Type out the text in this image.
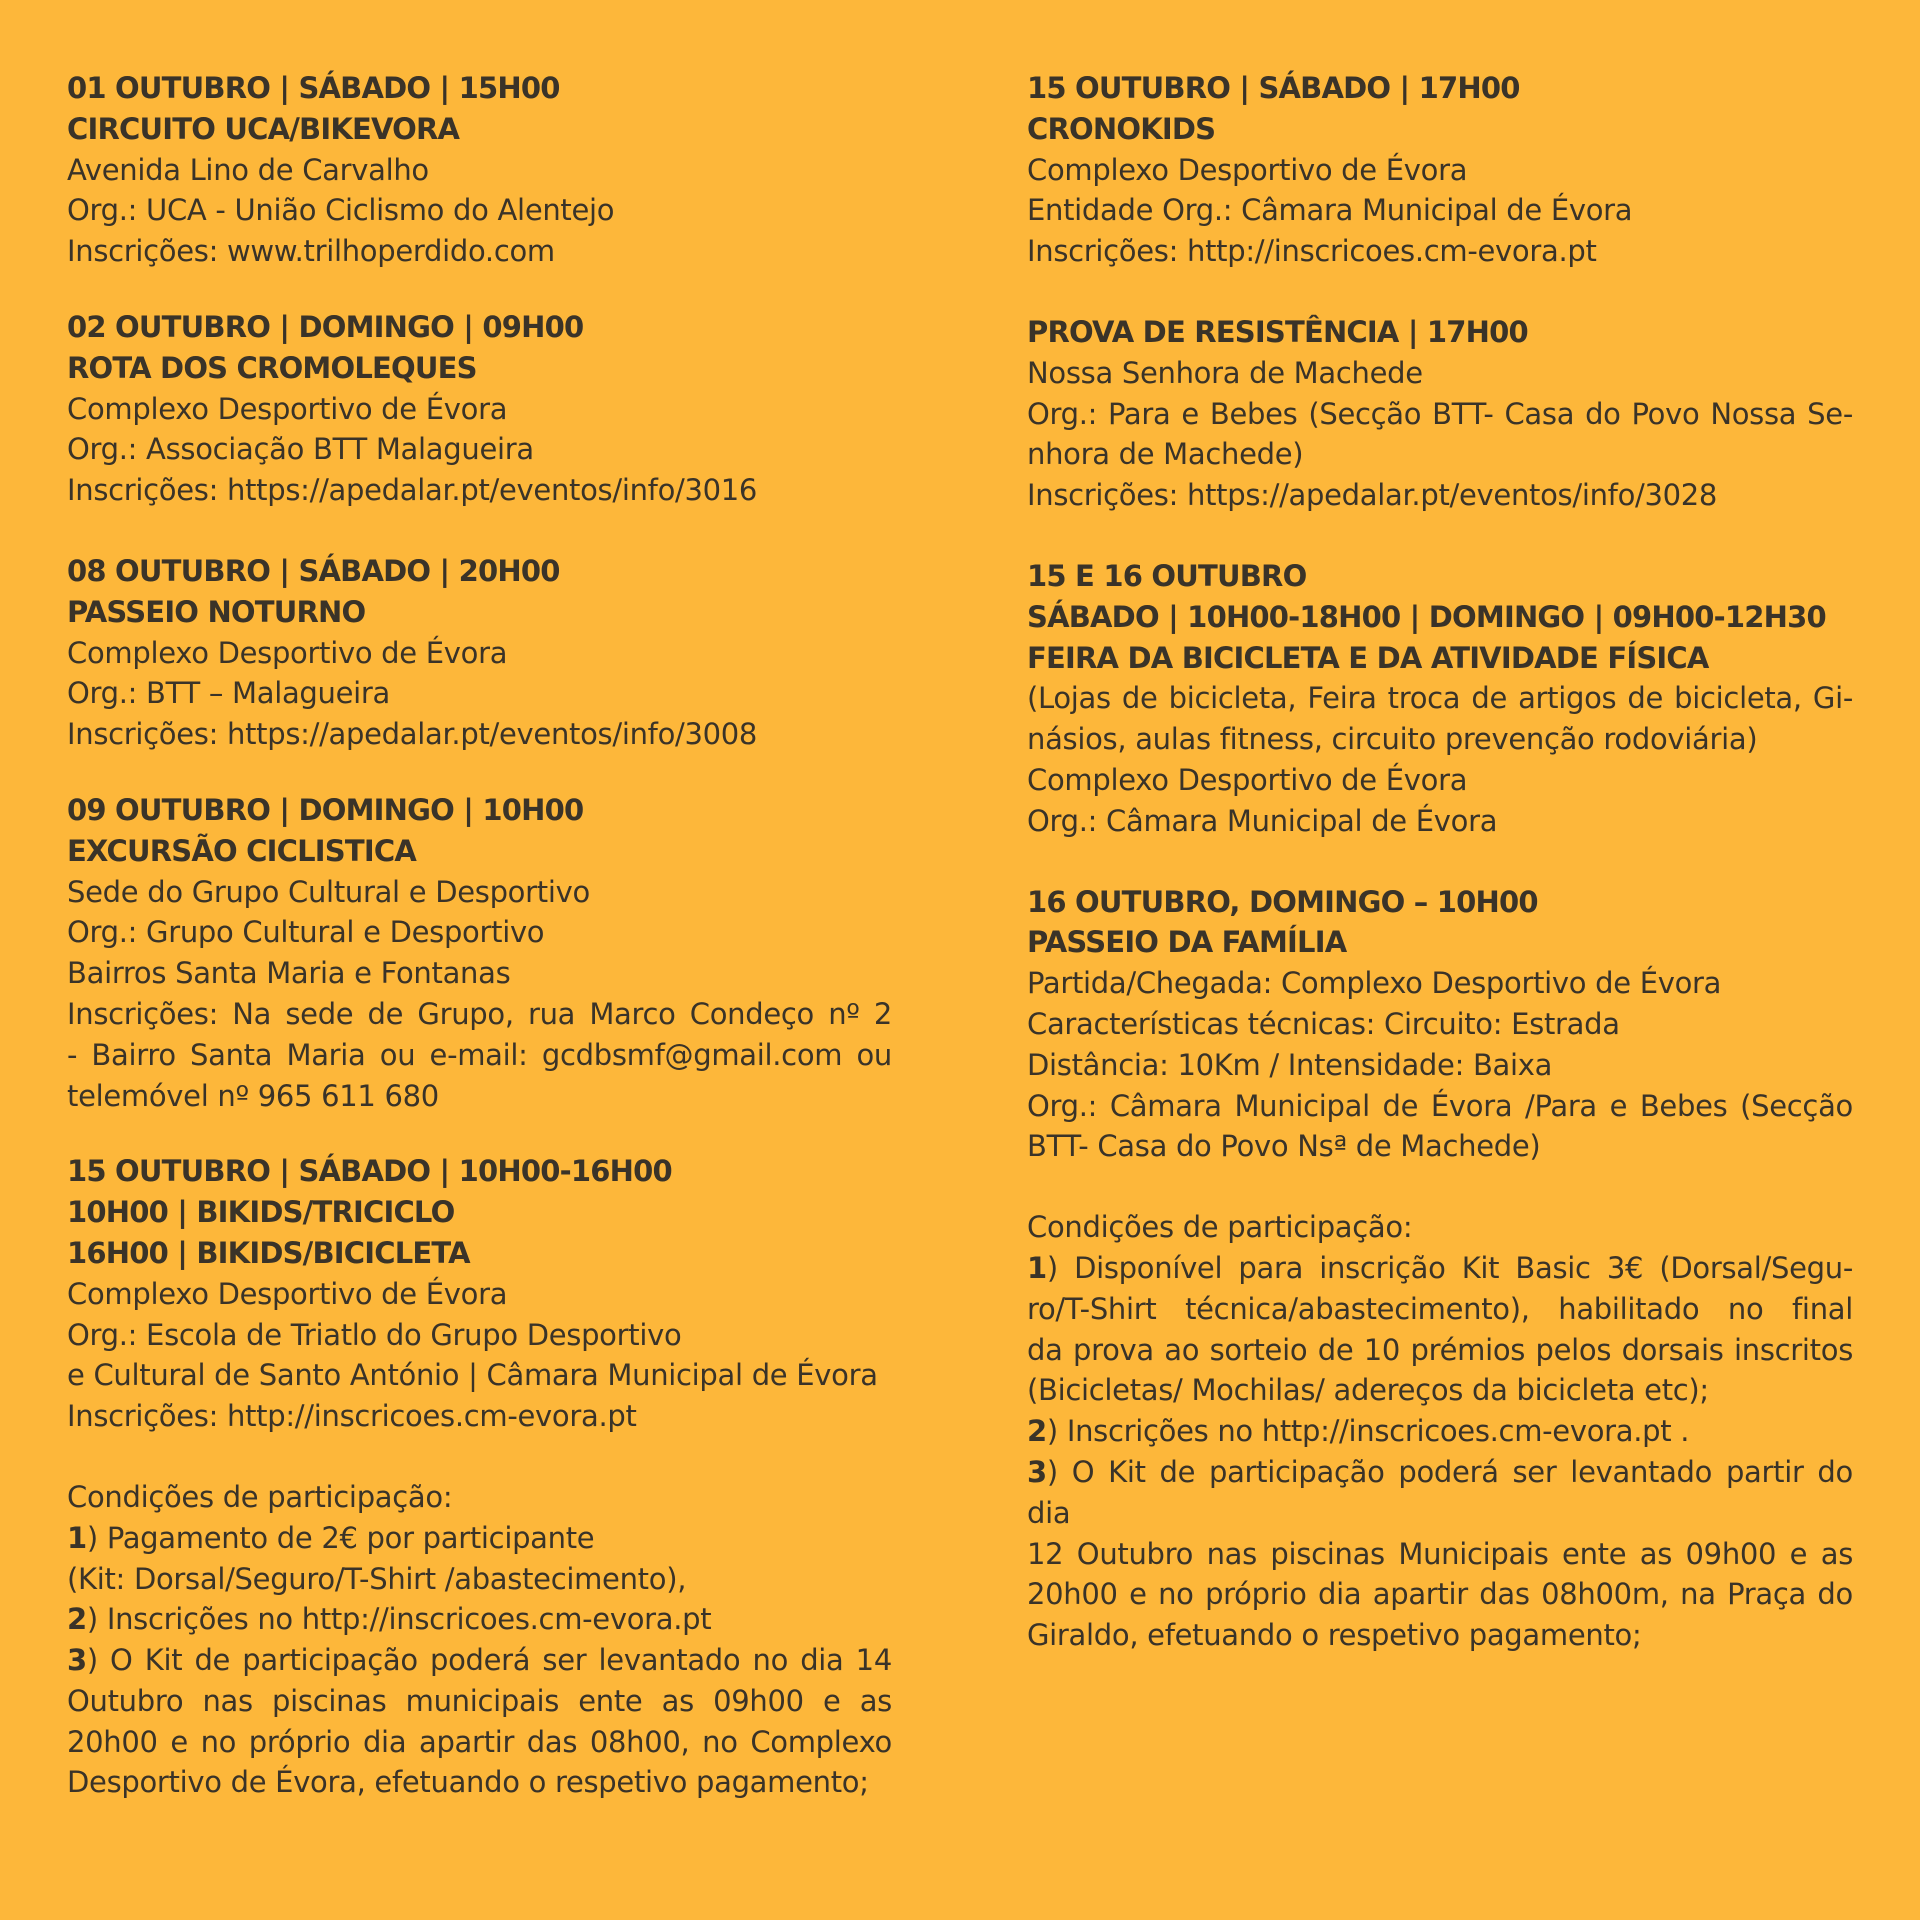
01 OUTUBRO | SÁBADO | 15H00
CIRCUITO UCA/BIKEVORA
Avenida Lino de Carvalho
Org.: UCA - União Ciclismo do Alentejo
Inscrições: www.trilhoperdido.com
02 OUTUBRO | DOMINGO | 09H00
ROTA DOS CROMOLEQUES
Complexo Desportivo de Évora
Org.: Associação BTT Malagueira
Inscrições: https://apedalar.pt/eventos/info/3016
08 OUTUBRO | SÁBADO | 20H00
PASSEIO NOTURNO
Complexo Desportivo de Évora
Org.: BTT – Malagueira
Inscrições: https://apedalar.pt/eventos/info/3008
09 OUTUBRO | DOMINGO | 10H00
EXCURSÃO CICLISTICA
Sede do Grupo Cultural e Desportivo
Org.: Grupo Cultural e Desportivo
Bairros Santa Maria e Fontanas
Inscrições: Na sede de Grupo, rua Marco Condeço nº 2
- Bairro Santa Maria ou e-mail: gcdbsmf@gmail.com ou
telemóvel nº 965 611 680
15 OUTUBRO | SÁBADO | 10H00-16H00
10H00 | BIKIDS/TRICICLO
16H00 | BIKIDS/BICICLETA
Complexo Desportivo de Évora
Org.: Escola de Triatlo do Grupo Desportivo
e Cultural de Santo António | Câmara Municipal de Évora
Inscrições: http://inscricoes.cm-evora.pt
Condições de participação:
1) Pagamento de 2€ por participante
(Kit: Dorsal/Seguro/T-Shirt /abastecimento),
2) Inscrições no http://inscricoes.cm-evora.pt
3) O Kit de participação poderá ser levantado no dia 14
Outubro nas piscinas municipais ente as 09h00 e as
20h00 e no próprio dia apartir das 08h00, no Complexo
Desportivo de Évora, efetuando o respetivo pagamento;
15 OUTUBRO | SÁBADO | 17H00
CRONOKIDS
Complexo Desportivo de Évora
Entidade Org.: Câmara Municipal de Évora
Inscrições: http://inscricoes.cm-evora.pt
PROVA DE RESISTÊNCIA | 17H00
Nossa Senhora de Machede
Org.: Para e Bebes (Secção BTT- Casa do Povo Nossa Se-
nhora de Machede)
Inscrições: https://apedalar.pt/eventos/info/3028
15 E 16 OUTUBRO
SÁBADO | 10H00-18H00 | DOMINGO | 09H00-12H30
FEIRA DA BICICLETA E DA ATIVIDADE FÍSICA
(Lojas de bicicleta, Feira troca de artigos de bicicleta, Gi-
násios, aulas fitness, circuito prevenção rodoviária)
Complexo Desportivo de Évora
Org.: Câmara Municipal de Évora
16 OUTUBRO, DOMINGO – 10H00
PASSEIO DA FAMÍLIA
Partida/Chegada: Complexo Desportivo de Évora
Características técnicas: Circuito: Estrada
Distância: 10Km / Intensidade: Baixa
Org.: Câmara Municipal de Évora /Para e Bebes (Secção
BTT- Casa do Povo Nsª de Machede)
Condições de participação:
1) Disponível para inscrição Kit Basic 3€ (Dorsal/Segu-
ro/T-Shirt técnica/abastecimento), habilitado no final
da prova ao sorteio de 10 prémios pelos dorsais inscritos
(Bicicletas/ Mochilas/ adereços da bicicleta etc);
2) Inscrições no http://inscricoes.cm-evora.pt .
3) O Kit de participação poderá ser levantado partir do dia
12 Outubro nas piscinas Municipais ente as 09h00 e as
20h00 e no próprio dia apartir das 08h00m, na Praça do
Giraldo, efetuando o respetivo pagamento;
